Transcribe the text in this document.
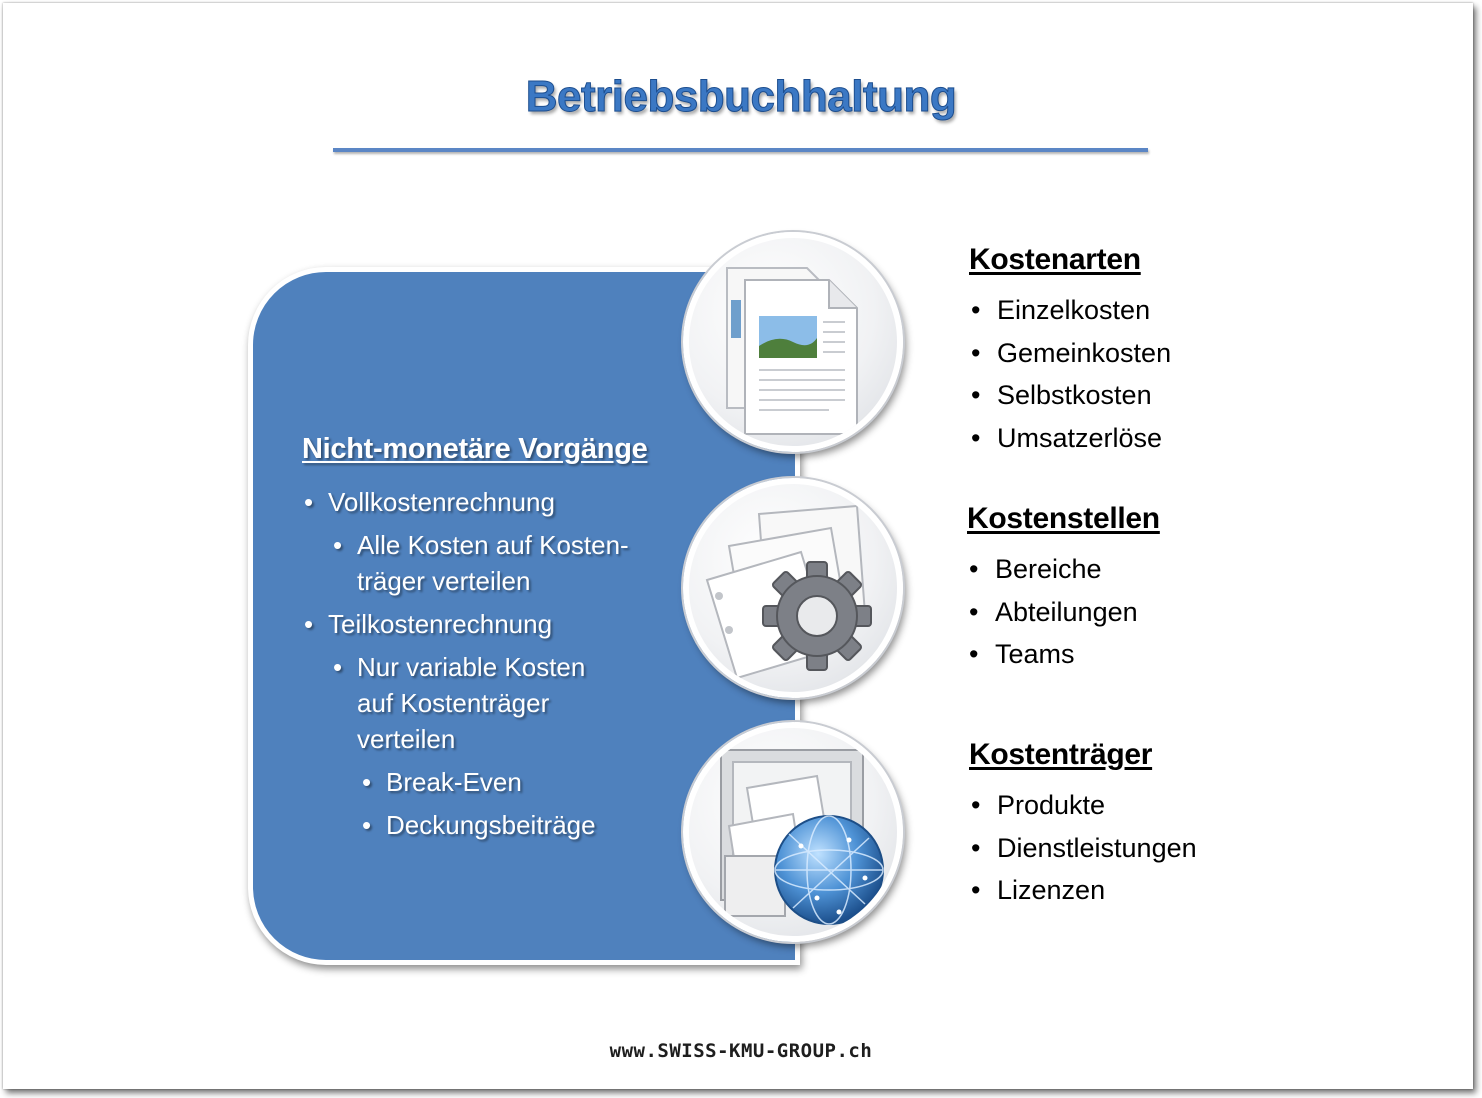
Betriebsbuchhaltung
Nicht-monetäre Vorgänge
• Vollkostenrechnung
• Alle Kosten auf Kosten-träger verteilen
• Teilkostenrechnung
• Nur variable Kosten auf Kostenträger verteilen
• Break-Even
• Deckungsbeiträge
Kostenarten
• Einzelkosten
• Gemeinkosten
• Selbstkosten
• Umsatzerlöse
Kostenstellen
• Bereiche
• Abteilungen
• Teams
Kostenträger
• Produkte
• Dienstleistungen
• Lizenzen
www.SWISS-KMU-GROUP.ch
